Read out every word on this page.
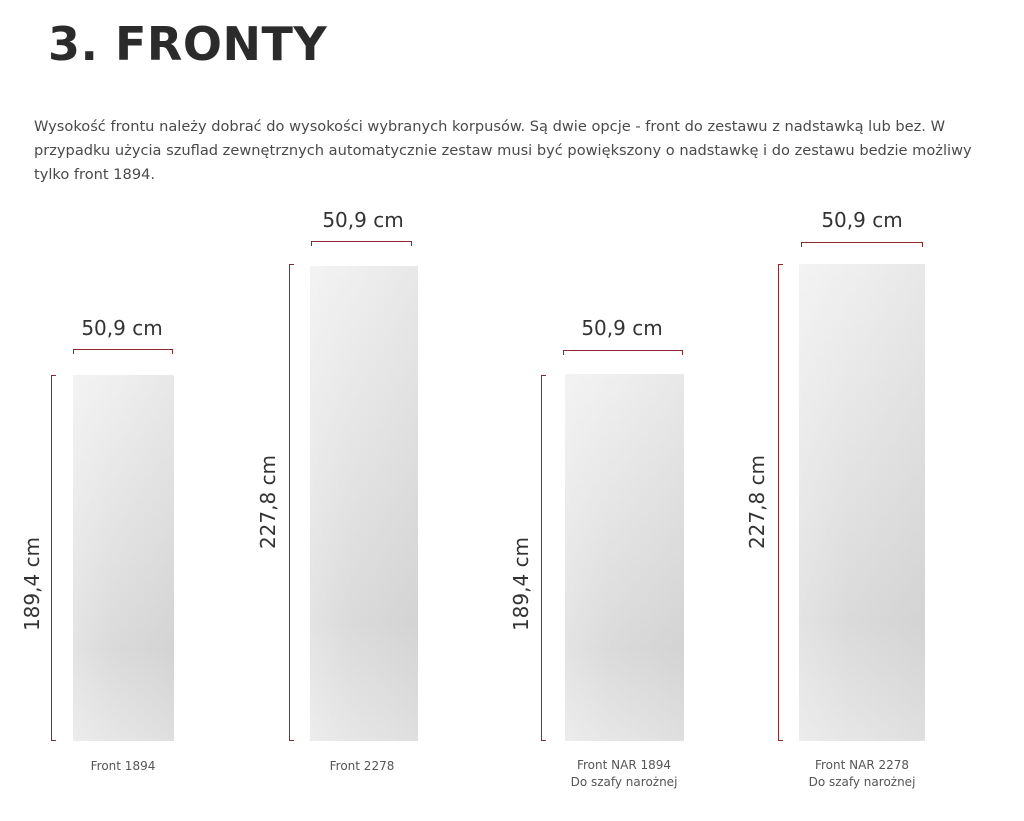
3. FRONTY

Wysokość frontu należy dobrać do wysokości wybranych korpusów. Są dwie opcje - front do zestawu z nadstawką lub bez. W przypadku użycia szuflad zewnętrznych automatycznie zestaw musi być powiększony o nadstawkę i do zestawu bedzie możliwy tylko front 1894.

50,9 cm
189,4 cm
Front 1894
50,9 cm
227,8 cm
Front 2278
50,9 cm
189,4 cm
Front NAR 1894
Do szafy narożnej
50,9 cm
227,8 cm
Front NAR 2278
Do szafy narożnej
